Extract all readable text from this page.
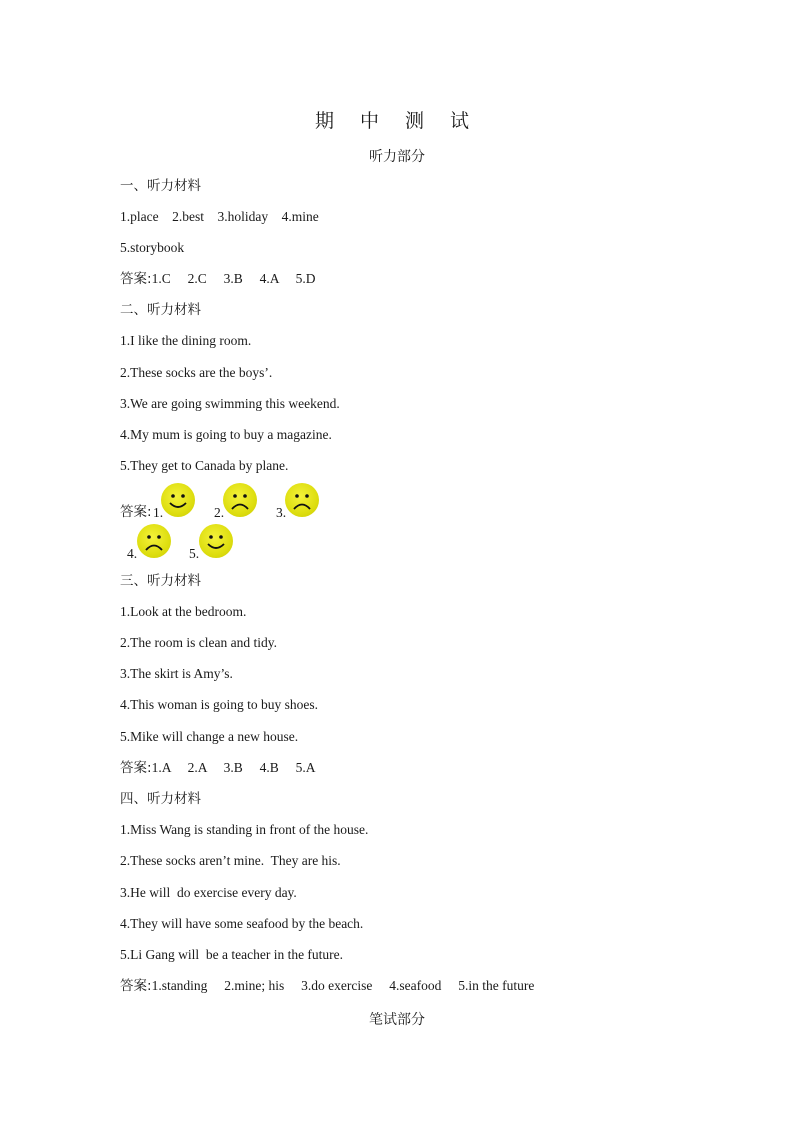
期 中 测 试
听力部分
一、听力材料
1.place    2.best    3.holiday    4.mine
5.storybook
答案:1.C     2.C     3.B     4.A     5.D
二、听力材料
1.I like the dining room.
2.These socks are the boys’.
3.We are going swimming this weekend.
4.My mum is going to buy a magazine.
5.They get to Canada by plane.
答案: 1.	2.	3.
4.	5.
三、听力材料
1.Look at the bedroom.
2.The room is clean and tidy.
3.The skirt is Amy’s.
4.This woman is going to buy shoes.
5.Mike will change a new house.
答案:1.A     2.A     3.B     4.B     5.A
四、听力材料
1.Miss Wang is standing in front of the house.
2.These socks aren’t mine.  They are his.
3.He will  do exercise every day.
4.They will have some seafood by the beach.
5.Li Gang will  be a teacher in the future.
答案:1.standing     2.mine; his     3.do exercise     4.seafood     5.in the future
笔试部分
